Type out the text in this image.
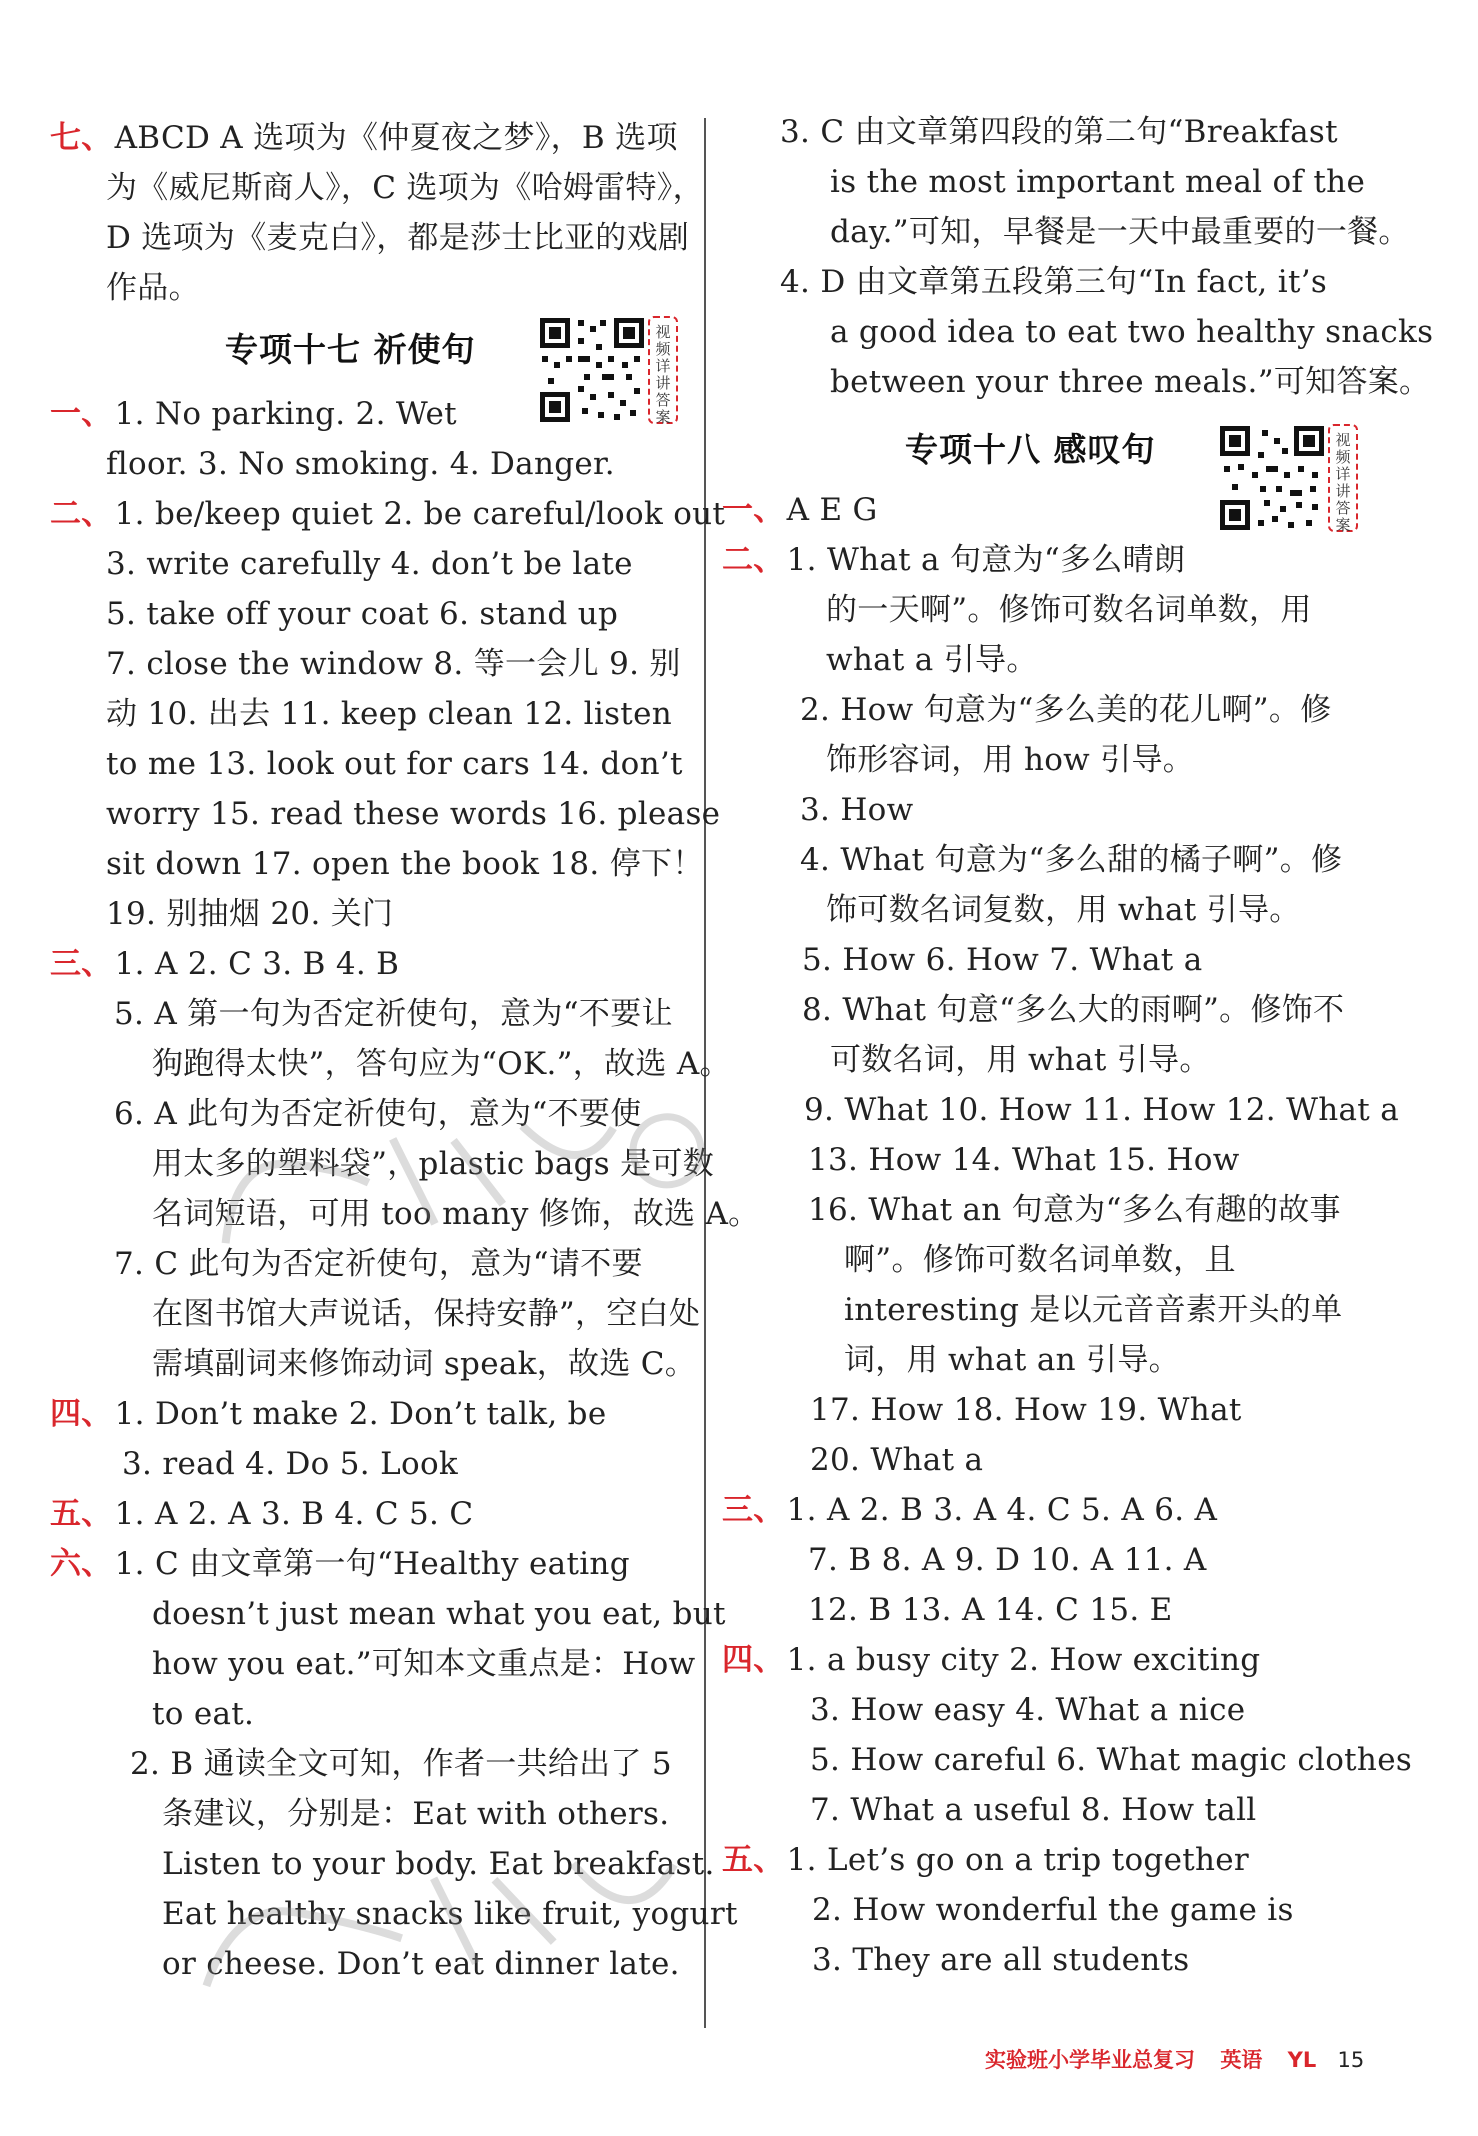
专项十七 祈使句	视
频
详
讲
答
案
七、ABCD A 选项为《仲夏夜之梦》，B 选项
为《威尼斯商人》，C 选项为《哈姆雷特》，
D 选项为《麦克白》，都是莎士比亚的戏剧
作品。
一、1. No parking. 2. Wet
floor. 3. No smoking. 4. Danger.
二、1. be/keep quiet 2. be careful/look out
3. write carefully 4. don’t be late
5. take off your coat 6. stand up
7. close the window 8. 等一会儿 9. 别
动 10. 出去 11. keep clean 12. listen
to me 13. look out for cars 14. don’t
worry 15. read these words 16. please
sit down 17. open the book 18. 停下！
19. 别抽烟 20. 关门
三、1. A 2. C 3. B 4. B
5. A 第一句为否定祈使句，意为“不要让
狗跑得太快”，答句应为“OK.”，故选 A。
6. A 此句为否定祈使句，意为“不要使
用太多的塑料袋”，plastic bags 是可数
名词短语，可用 too many 修饰，故选 A。
7. C 此句为否定祈使句，意为“请不要
在图书馆大声说话，保持安静”，空白处
需填副词来修饰动词 speak，故选 C。
四、1. Don’t make 2. Don’t talk, be
3. read 4. Do 5. Look
五、1. A 2. A 3. B 4. C 5. C
六、1. C 由文章第一句“Healthy eating
doesn’t just mean what you eat, but
how you eat.”可知本文重点是：How
to eat.
2. B 通读全文可知，作者一共给出了 5
条建议，分别是：Eat with others.
Listen to your body. Eat breakfast.
Eat healthy snacks like fruit, yogurt
or cheese. Don’t eat dinner late.
专项十八 感叹句	视
频
详
讲
答
案
3. C 由文章第四段的第二句“Breakfast
is the most important meal of the
day.”可知，早餐是一天中最重要的一餐。
4. D 由文章第五段第三句“In fact, it’s
a good idea to eat two healthy snacks
between your three meals.”可知答案。
一、A E G
二、1. What a 句意为“多么晴朗
的一天啊”。修饰可数名词单数，用
what a 引导。
2. How 句意为“多么美的花儿啊”。修
饰形容词，用 how 引导。
3. How
4. What 句意为“多么甜的橘子啊”。修
饰可数名词复数，用 what 引导。
5. How 6. How 7. What a
8. What 句意“多么大的雨啊”。修饰不
可数名词，用 what 引导。
9. What 10. How 11. How 12. What a
13. How 14. What 15. How
16. What an 句意为“多么有趣的故事
啊”。修饰可数名词单数，且
interesting 是以元音音素开头的单
词，用 what an 引导。
17. How 18. How 19. What
20. What a
三、1. A 2. B 3. A 4. C 5. A 6. A
7. B 8. A 9. D 10. A 11. A
12. B 13. A 14. C 15. E
四、1. a busy city 2. How exciting
3. How easy 4. What a nice
5. How careful 6. What magic clothes
7. What a useful 8. How tall
五、1. Let’s go on a trip together
2. How wonderful the game is
3. They are all students
实验班小学毕业总复习 英语 YL 15
